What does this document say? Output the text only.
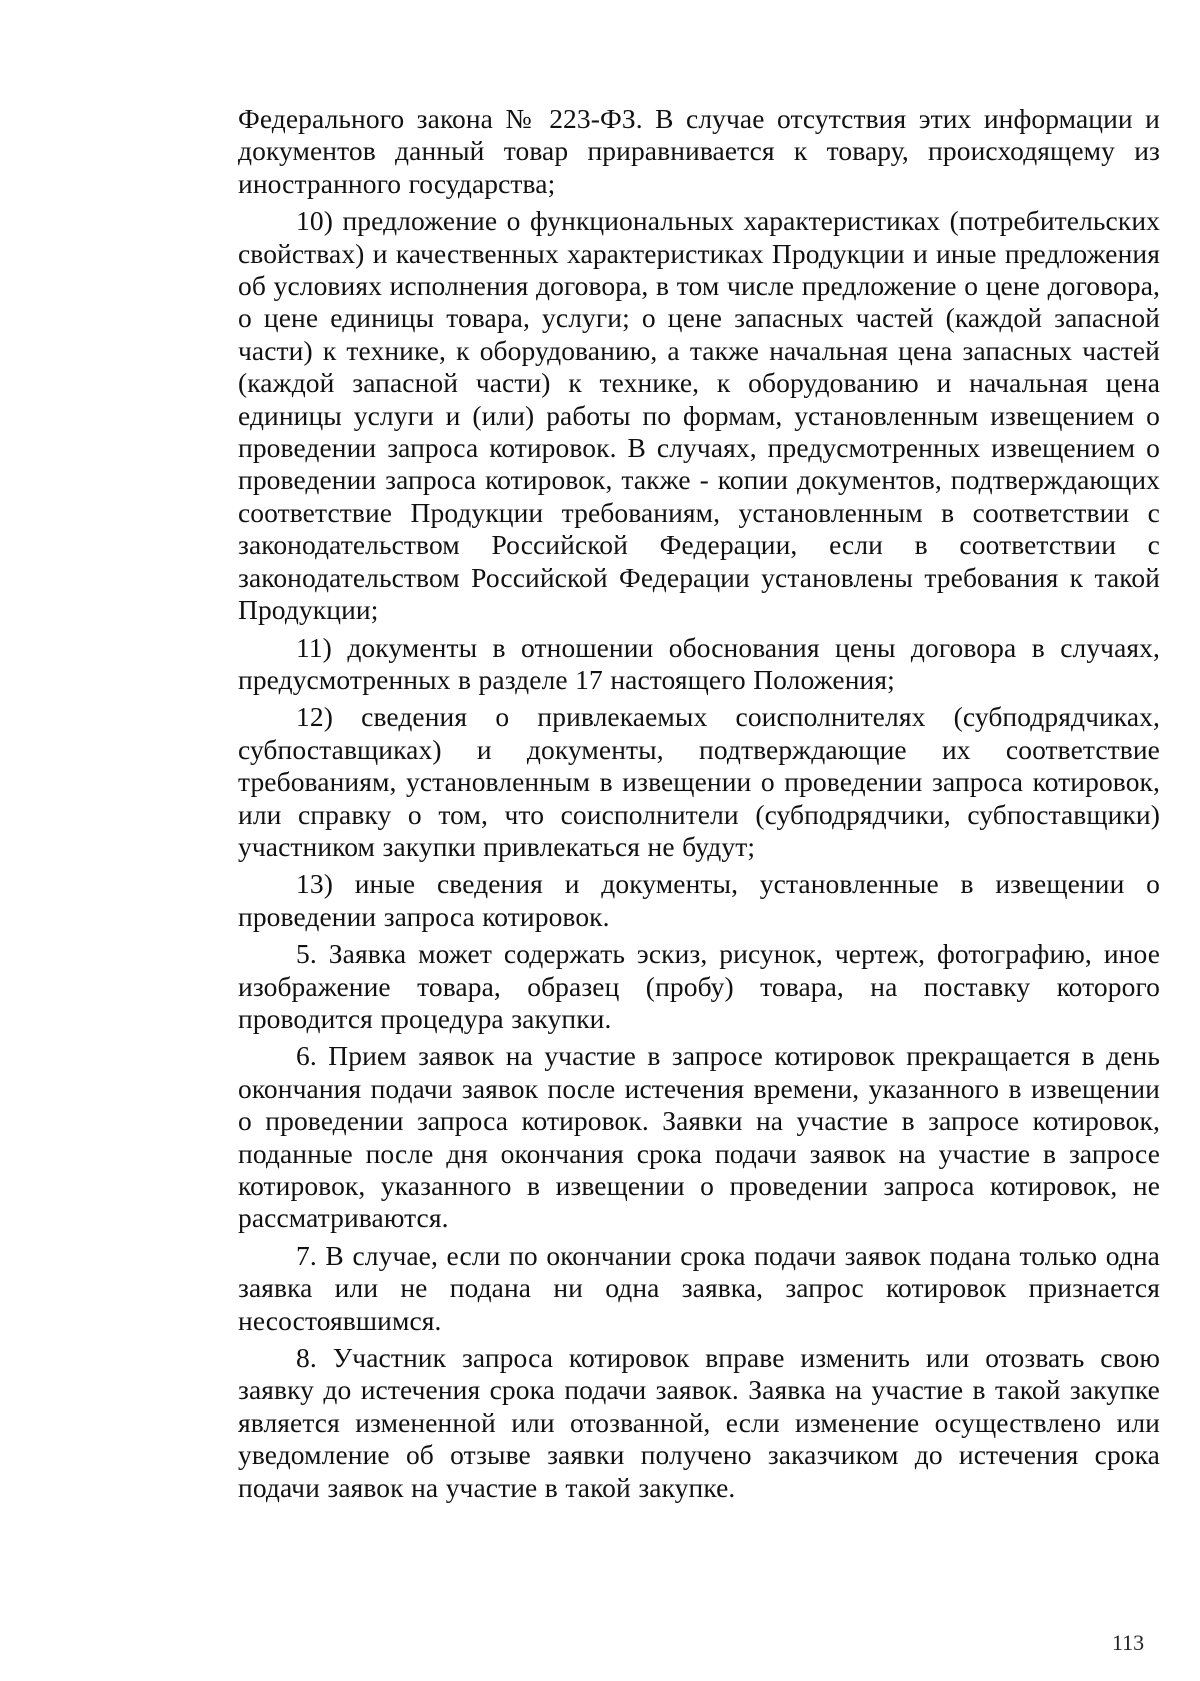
Федерального закона № 223-ФЗ. В случае отсутствия этих информации и документов данный товар приравнивается к товару, происходящему из иностранного государства;

10) предложение о функциональных характеристиках (потребительских свойствах) и качественных характеристиках Продукции и иные предложения об условиях исполнения договора, в том числе предложение о цене договора, о цене единицы товара, услуги; о цене запасных частей (каждой запасной части) к технике, к оборудованию, а также начальная цена запасных частей (каждой запасной части) к технике, к оборудованию и начальная цена единицы услуги и (или) работы по формам, установленным извещением о проведении запроса котировок. В случаях, предусмотренных извещением о проведении запроса котировок, также - копии документов, подтверждающих соответствие Продукции требованиям, установленным в соответствии с законодательством Российской Федерации, если в соответствии с законодательством Российской Федерации установлены требования к такой Продукции;

11) документы в отношении обоснования цены договора в случаях, предусмотренных в разделе 17 настоящего Положения;

12) сведения о привлекаемых соисполнителях (субподрядчиках, субпоставщиках) и документы, подтверждающие их соответствие требованиям, установленным в извещении о проведении запроса котировок, или справку о том, что соисполнители (субподрядчики, субпоставщики) участником закупки привлекаться не будут;

13) иные сведения и документы, установленные в извещении о проведении запроса котировок.

5. Заявка может содержать эскиз, рисунок, чертеж, фотографию, иное изображение товара, образец (пробу) товара, на поставку которого проводится процедура закупки.

6. Прием заявок на участие в запросе котировок прекращается в день окончания подачи заявок после истечения времени, указанного в извещении о проведении запроса котировок. Заявки на участие в запросе котировок, поданные после дня окончания срока подачи заявок на участие в запросе котировок, указанного в извещении о проведении запроса котировок, не рассматриваются.

7. В случае, если по окончании срока подачи заявок подана только одна заявка или не подана ни одна заявка, запрос котировок признается несостоявшимся.

8. Участник запроса котировок вправе изменить или отозвать свою заявку до истечения срока подачи заявок. Заявка на участие в такой закупке является измененной или отозванной, если изменение осуществлено или уведомление об отзыве заявки получено заказчиком до истечения срока подачи заявок на участие в такой закупке.

113
